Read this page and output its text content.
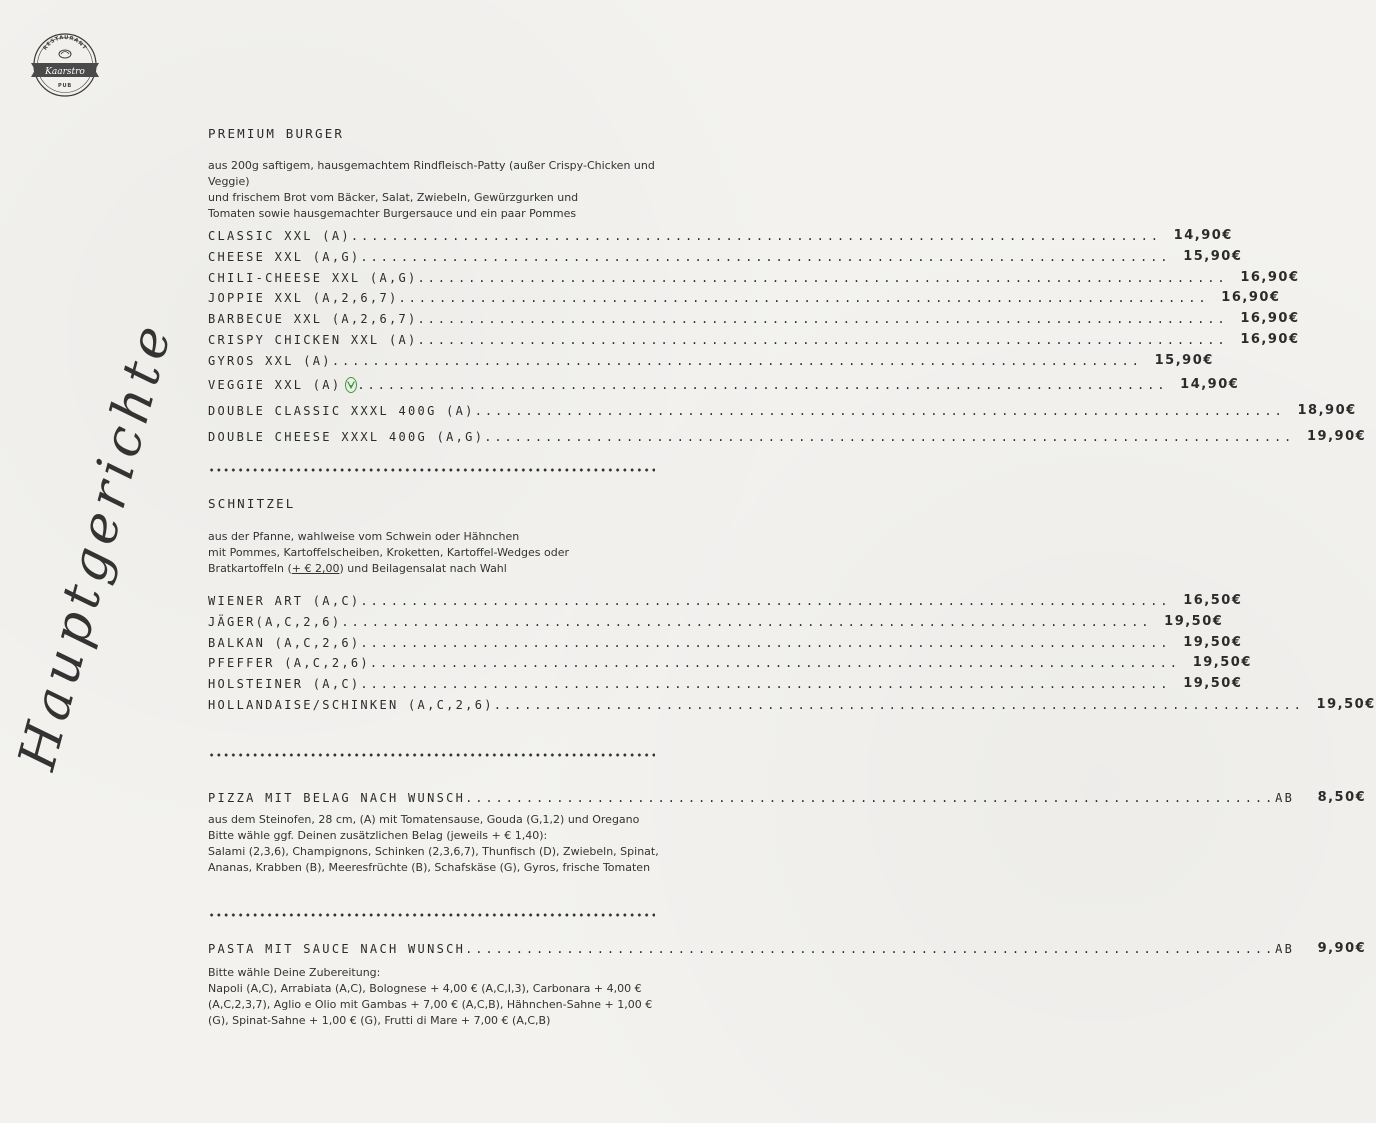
RESTAURANT
Kaarstro
PUB
Hauptgerichte
PREMIUM BURGER
aus 200g saftigem, hausgemachtem Rindfleisch-Patty (außer Crispy-Chicken und
Veggie)
und frischem Brot vom Bäcker, Salat, Zwiebeln, Gewürzgurken und
Tomaten sowie hausgemachter Burgersauce und ein paar Pommes
CLASSIC XXL (A) ................................................................................ 14,90€
CHEESE XXL (A,G) ................................................................................ 15,90€
CHILI-CHEESE XXL (A,G) ................................................................................ 16,90€
JOPPIE XXL (A,2,6,7) ................................................................................ 16,90€
BARBECUE XXL (A,2,6,7) ................................................................................ 16,90€
CRISPY CHICKEN XXL (A) ................................................................................ 16,90€
GYROS XXL (A) ................................................................................ 15,90€
VEGGIE XXL (A) ................................................................................ 14,90€
DOUBLE CLASSIC XXXL 400G (A) ................................................................................ 18,90€
DOUBLE CHEESE XXXL 400G (A,G) ................................................................................ 19,90€
SCHNITZEL
aus der Pfanne, wahlweise vom Schwein oder Hähnchen
mit Pommes, Kartoffelscheiben, Kroketten, Kartoffel-Wedges oder
Bratkartoffeln (+ € 2,00) und Beilagensalat nach Wahl
WIENER ART (A,C) ................................................................................ 16,50€
JÄGER(A,C,2,6) ................................................................................ 19,50€
BALKAN (A,C,2,6) ................................................................................ 19,50€
PFEFFER (A,C,2,6) ................................................................................ 19,50€
HOLSTEINER (A,C) ................................................................................ 19,50€
HOLLANDAISE/SCHINKEN (A,C,2,6) ................................................................................ 19,50€
PIZZA MIT BELAG NACH WUNSCH ................................................................................ AB	8,50€
aus dem Steinofen, 28 cm, (A) mit Tomatensause, Gouda (G,1,2) und Oregano
Bitte wähle ggf. Deinen zusätzlichen Belag (jeweils + € 1,40):
Salami (2,3,6), Champignons, Schinken (2,3,6,7), Thunfisch (D), Zwiebeln, Spinat,
Ananas, Krabben (B), Meeresfrüchte (B), Schafskäse (G), Gyros, frische Tomaten
PASTA MIT SAUCE NACH WUNSCH ................................................................................ AB	9,90€
Bitte wähle Deine Zubereitung:
Napoli (A,C), Arrabiata (A,C), Bolognese + 4,00 € (A,C,I,3), Carbonara + 4,00 €
(A,C,2,3,7), Aglio e Olio mit Gambas + 7,00 € (A,C,B), Hähnchen-Sahne + 1,00 €
(G), Spinat-Sahne + 1,00 € (G), Frutti di Mare + 7,00 € (A,C,B)
